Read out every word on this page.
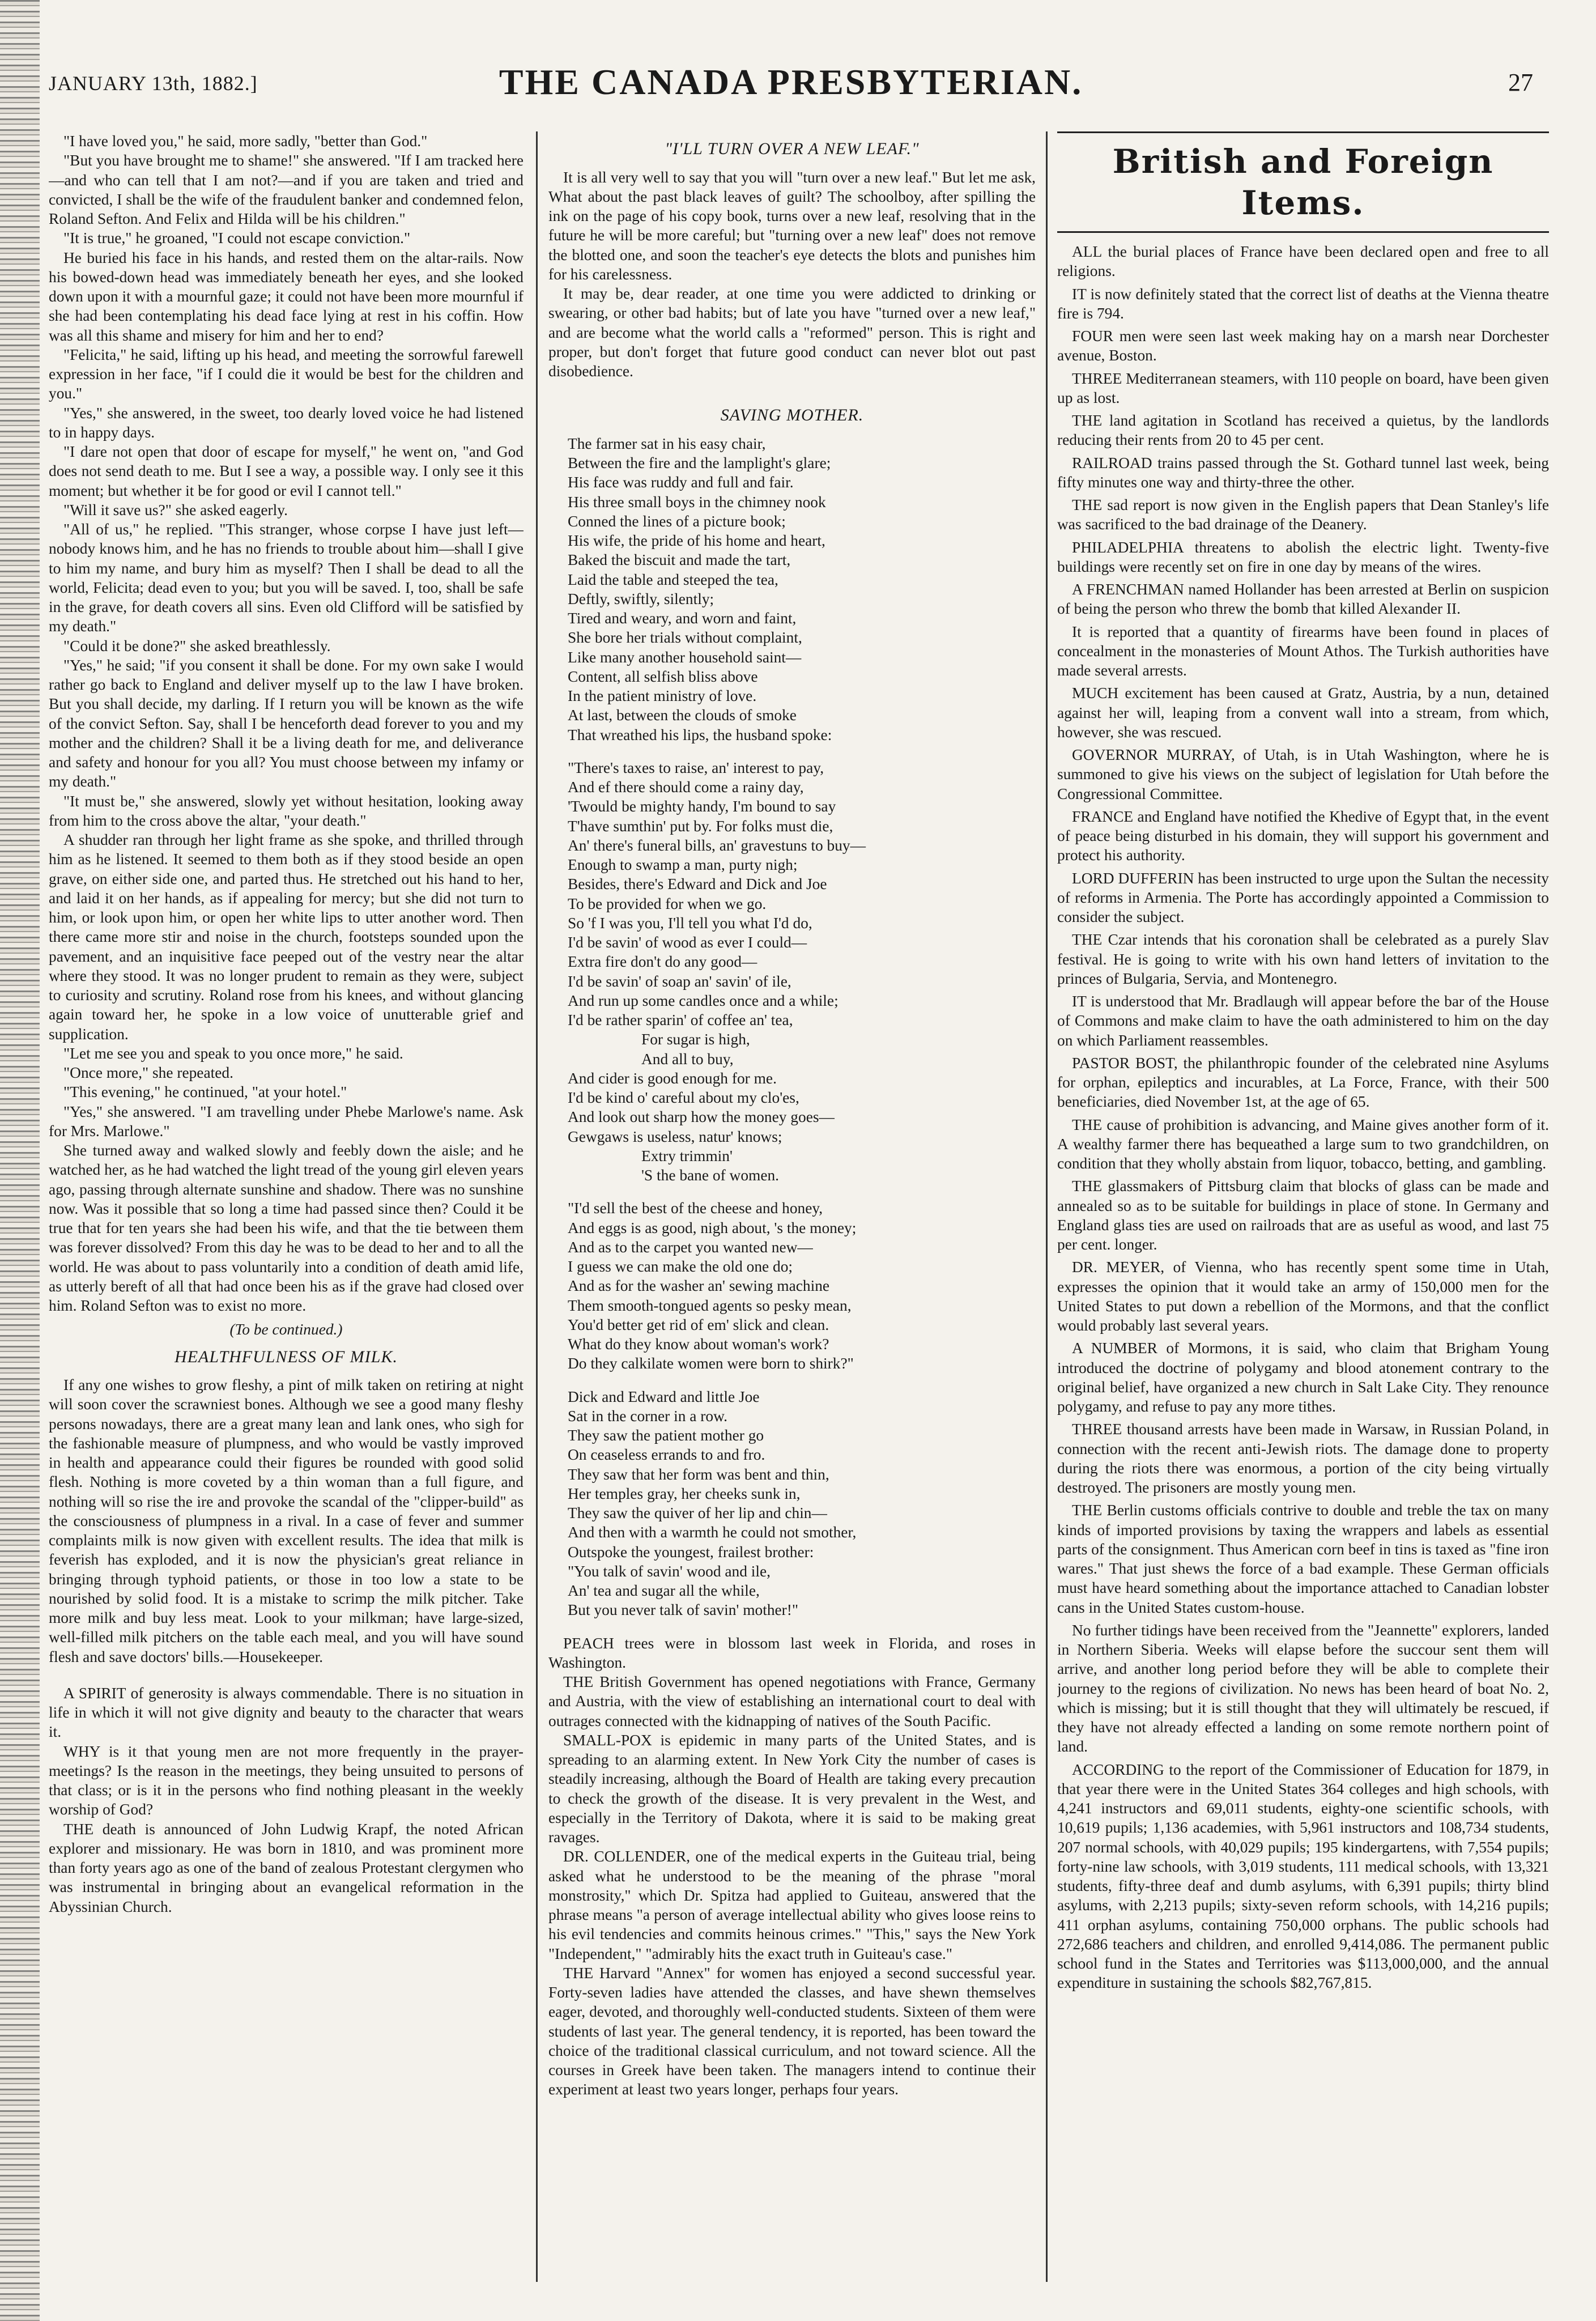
JANUARY 13th, 1882.]	THE CANADA PRESBYTERIAN.	27

"I have loved you," he said, more sadly, "better than God."

"But you have brought me to shame!" she answered. "If I am tracked here—and who can tell that I am not?—and if you are taken and tried and convicted, I shall be the wife of the fraudulent banker and condemned felon, Roland Sefton. And Felix and Hilda will be his children."

"It is true," he groaned, "I could not escape conviction."

He buried his face in his hands, and rested them on the altar-rails. Now his bowed-down head was immediately beneath her eyes, and she looked down upon it with a mournful gaze; it could not have been more mournful if she had been contemplating his dead face lying at rest in his coffin. How was all this shame and misery for him and her to end?

"Felicita," he said, lifting up his head, and meeting the sorrowful farewell expression in her face, "if I could die it would be best for the children and you."

"Yes," she answered, in the sweet, too dearly loved voice he had listened to in happy days.

"I dare not open that door of escape for myself," he went on, "and God does not send death to me. But I see a way, a possible way. I only see it this moment; but whether it be for good or evil I cannot tell."

"Will it save us?" she asked eagerly.

"All of us," he replied. "This stranger, whose corpse I have just left—nobody knows him, and he has no friends to trouble about him—shall I give to him my name, and bury him as myself? Then I shall be dead to all the world, Felicita; dead even to you; but you will be saved. I, too, shall be safe in the grave, for death covers all sins. Even old Clifford will be satisfied by my death."

"Could it be done?" she asked breathlessly.

"Yes," he said; "if you consent it shall be done. For my own sake I would rather go back to England and deliver myself up to the law I have broken. But you shall decide, my darling. If I return you will be known as the wife of the convict Sefton. Say, shall I be henceforth dead forever to you and my mother and the children? Shall it be a living death for me, and deliverance and safety and honour for you all? You must choose between my infamy or my death."

"It must be," she answered, slowly yet without hesitation, looking away from him to the cross above the altar, "your death."

A shudder ran through her light frame as she spoke, and thrilled through him as he listened. It seemed to them both as if they stood beside an open grave, on either side one, and parted thus. He stretched out his hand to her, and laid it on her hands, as if appealing for mercy; but she did not turn to him, or look upon him, or open her white lips to utter another word. Then there came more stir and noise in the church, footsteps sounded upon the pavement, and an inquisitive face peeped out of the vestry near the altar where they stood. It was no longer prudent to remain as they were, subject to curiosity and scrutiny. Roland rose from his knees, and without glancing again toward her, he spoke in a low voice of unutterable grief and supplication.

"Let me see you and speak to you once more," he said.

"Once more," she repeated.

"This evening," he continued, "at your hotel."

"Yes," she answered. "I am travelling under Phebe Marlowe's name. Ask for Mrs. Marlowe."

She turned away and walked slowly and feebly down the aisle; and he watched her, as he had watched the light tread of the young girl eleven years ago, passing through alternate sunshine and shadow. There was no sunshine now. Was it possible that so long a time had passed since then? Could it be true that for ten years she had been his wife, and that the tie between them was forever dissolved? From this day he was to be dead to her and to all the world. He was about to pass voluntarily into a condition of death amid life, as utterly bereft of all that had once been his as if the grave had closed over him. Roland Sefton was to exist no more.

(To be continued.)
HEALTHFULNESS OF MILK.

If any one wishes to grow fleshy, a pint of milk taken on retiring at night will soon cover the scrawniest bones. Although we see a good many fleshy persons nowadays, there are a great many lean and lank ones, who sigh for the fashionable measure of plumpness, and who would be vastly improved in health and appearance could their figures be rounded with good solid flesh. Nothing is more coveted by a thin woman than a full figure, and nothing will so rise the ire and provoke the scandal of the "clipper-build" as the consciousness of plumpness in a rival. In a case of fever and summer complaints milk is now given with excellent results. The idea that milk is feverish has exploded, and it is now the physician's great reliance in bringing through typhoid patients, or those in too low a state to be nourished by solid food. It is a mistake to scrimp the milk pitcher. Take more milk and buy less meat. Look to your milkman; have large-sized, well-filled milk pitchers on the table each meal, and you will have sound flesh and save doctors' bills.—Housekeeper.

A SPIRIT of generosity is always commendable. There is no situation in life in which it will not give dignity and beauty to the character that wears it.

WHY is it that young men are not more frequently in the prayer-meetings? Is the reason in the meetings, they being unsuited to persons of that class; or is it in the persons who find nothing pleasant in the weekly worship of God?

THE death is announced of John Ludwig Krapf, the noted African explorer and missionary. He was born in 1810, and was prominent more than forty years ago as one of the band of zealous Protestant clergymen who was instrumental in bringing about an evangelical reformation in the Abyssinian Church.

"I'LL TURN OVER A NEW LEAF."

It is all very well to say that you will "turn over a new leaf." But let me ask, What about the past black leaves of guilt? The schoolboy, after spilling the ink on the page of his copy book, turns over a new leaf, resolving that in the future he will be more careful; but "turning over a new leaf" does not remove the blotted one, and soon the teacher's eye detects the blots and punishes him for his carelessness.

It may be, dear reader, at one time you were addicted to drinking or swearing, or other bad habits; but of late you have "turned over a new leaf," and are become what the world calls a "reformed" person. This is right and proper, but don't forget that future good conduct can never blot out past disobedience.

SAVING MOTHER.
The farmer sat in his easy chair,
Between the fire and the lamplight's glare;
His face was ruddy and full and fair.
His three small boys in the chimney nook
Conned the lines of a picture book;
His wife, the pride of his home and heart,
Baked the biscuit and made the tart,
Laid the table and steeped the tea,
Deftly, swiftly, silently;
Tired and weary, and worn and faint,
She bore her trials without complaint,
Like many another household saint—
Content, all selfish bliss above
In the patient ministry of love.
At last, between the clouds of smoke
That wreathed his lips, the husband spoke:
"There's taxes to raise, an' interest to pay,
And ef there should come a rainy day,
'Twould be mighty handy, I'm bound to say
T'have sumthin' put by. For folks must die,
An' there's funeral bills, an' gravestuns to buy—
Enough to swamp a man, purty nigh;
Besides, there's Edward and Dick and Joe
To be provided for when we go.
So 'f I was you, I'll tell you what I'd do,
I'd be savin' of wood as ever I could—
Extra fire don't do any good—
I'd be savin' of soap an' savin' of ile,
And run up some candles once and a while;
I'd be rather sparin' of coffee an' tea,
For sugar is high,
And all to buy,
And cider is good enough for me.
I'd be kind o' careful about my clo'es,
And look out sharp how the money goes—
Gewgaws is useless, natur' knows;
Extry trimmin'
'S the bane of women.
"I'd sell the best of the cheese and honey,
And eggs is as good, nigh about, 's the money;
And as to the carpet you wanted new—
I guess we can make the old one do;
And as for the washer an' sewing machine
Them smooth-tongued agents so pesky mean,
You'd better get rid of em' slick and clean.
What do they know about woman's work?
Do they calkilate women were born to shirk?"
Dick and Edward and little Joe
Sat in the corner in a row.
They saw the patient mother go
On ceaseless errands to and fro.
They saw that her form was bent and thin,
Her temples gray, her cheeks sunk in,
They saw the quiver of her lip and chin—
And then with a warmth he could not smother,
Outspoke the youngest, frailest brother:
"You talk of savin' wood and ile,
An' tea and sugar all the while,
But you never talk of savin' mother!"

PEACH trees were in blossom last week in Florida, and roses in Washington.

THE British Government has opened negotiations with France, Germany and Austria, with the view of establishing an international court to deal with outrages connected with the kidnapping of natives of the South Pacific.

SMALL-POX is epidemic in many parts of the United States, and is spreading to an alarming extent. In New York City the number of cases is steadily increasing, although the Board of Health are taking every precaution to check the growth of the disease. It is very prevalent in the West, and especially in the Territory of Dakota, where it is said to be making great ravages.

DR. COLLENDER, one of the medical experts in the Guiteau trial, being asked what he understood to be the meaning of the phrase "moral monstrosity," which Dr. Spitza had applied to Guiteau, answered that the phrase means "a person of average intellectual ability who gives loose reins to his evil tendencies and commits heinous crimes." "This," says the New York "Independent," "admirably hits the exact truth in Guiteau's case."

THE Harvard "Annex" for women has enjoyed a second successful year. Forty-seven ladies have attended the classes, and have shewn themselves eager, devoted, and thoroughly well-conducted students. Sixteen of them were students of last year. The general tendency, it is reported, has been toward the choice of the traditional classical curriculum, and not toward science. All the courses in Greek have been taken. The managers intend to continue their experiment at least two years longer, perhaps four years.

British and Foreign Items.

ALL the burial places of France have been declared open and free to all religions.

IT is now definitely stated that the correct list of deaths at the Vienna theatre fire is 794.

FOUR men were seen last week making hay on a marsh near Dorchester avenue, Boston.

THREE Mediterranean steamers, with 110 people on board, have been given up as lost.

THE land agitation in Scotland has received a quietus, by the landlords reducing their rents from 20 to 45 per cent.

RAILROAD trains passed through the St. Gothard tunnel last week, being fifty minutes one way and thirty-three the other.

THE sad report is now given in the English papers that Dean Stanley's life was sacrificed to the bad drainage of the Deanery.

PHILADELPHIA threatens to abolish the electric light. Twenty-five buildings were recently set on fire in one day by means of the wires.

A FRENCHMAN named Hollander has been arrested at Berlin on suspicion of being the person who threw the bomb that killed Alexander II.

It is reported that a quantity of firearms have been found in places of concealment in the monasteries of Mount Athos. The Turkish authorities have made several arrests.

MUCH excitement has been caused at Gratz, Austria, by a nun, detained against her will, leaping from a convent wall into a stream, from which, however, she was rescued.

GOVERNOR MURRAY, of Utah, is in Utah Washington, where he is summoned to give his views on the subject of legislation for Utah before the Congressional Committee.

FRANCE and England have notified the Khedive of Egypt that, in the event of peace being disturbed in his domain, they will support his government and protect his authority.

LORD DUFFERIN has been instructed to urge upon the Sultan the necessity of reforms in Armenia. The Porte has accordingly appointed a Commission to consider the subject.

THE Czar intends that his coronation shall be celebrated as a purely Slav festival. He is going to write with his own hand letters of invitation to the princes of Bulgaria, Servia, and Montenegro.

IT is understood that Mr. Bradlaugh will appear before the bar of the House of Commons and make claim to have the oath administered to him on the day on which Parliament reassembles.

PASTOR BOST, the philanthropic founder of the celebrated nine Asylums for orphan, epileptics and incurables, at La Force, France, with their 500 beneficiaries, died November 1st, at the age of 65.

THE cause of prohibition is advancing, and Maine gives another form of it. A wealthy farmer there has bequeathed a large sum to two grandchildren, on condition that they wholly abstain from liquor, tobacco, betting, and gambling.

THE glassmakers of Pittsburg claim that blocks of glass can be made and annealed so as to be suitable for buildings in place of stone. In Germany and England glass ties are used on railroads that are as useful as wood, and last 75 per cent. longer.

DR. MEYER, of Vienna, who has recently spent some time in Utah, expresses the opinion that it would take an army of 150,000 men for the United States to put down a rebellion of the Mormons, and that the conflict would probably last several years.

A NUMBER of Mormons, it is said, who claim that Brigham Young introduced the doctrine of polygamy and blood atonement contrary to the original belief, have organized a new church in Salt Lake City. They renounce polygamy, and refuse to pay any more tithes.

THREE thousand arrests have been made in Warsaw, in Russian Poland, in connection with the recent anti-Jewish riots. The damage done to property during the riots there was enormous, a portion of the city being virtually destroyed. The prisoners are mostly young men.

THE Berlin customs officials contrive to double and treble the tax on many kinds of imported provisions by taxing the wrappers and labels as essential parts of the consignment. Thus American corn beef in tins is taxed as "fine iron wares." That just shews the force of a bad example. These German officials must have heard something about the importance attached to Canadian lobster cans in the United States custom-house.

No further tidings have been received from the "Jeannette" explorers, landed in Northern Siberia. Weeks will elapse before the succour sent them will arrive, and another long period before they will be able to complete their journey to the regions of civilization. No news has been heard of boat No. 2, which is missing; but it is still thought that they will ultimately be rescued, if they have not already effected a landing on some remote northern point of land.

ACCORDING to the report of the Commissioner of Education for 1879, in that year there were in the United States 364 colleges and high schools, with 4,241 instructors and 69,011 students, eighty-one scientific schools, with 10,619 pupils; 1,136 academies, with 5,961 instructors and 108,734 students, 207 normal schools, with 40,029 pupils; 195 kindergartens, with 7,554 pupils; forty-nine law schools, with 3,019 students, 111 medical schools, with 13,321 students, fifty-three deaf and dumb asylums, with 6,391 pupils; thirty blind asylums, with 2,213 pupils; sixty-seven reform schools, with 14,216 pupils; 411 orphan asylums, containing 750,000 orphans. The public schools had 272,686 teachers and children, and enrolled 9,414,086. The permanent public school fund in the States and Territories was $113,000,000, and the annual expenditure in sustaining the schools $82,767,815.
